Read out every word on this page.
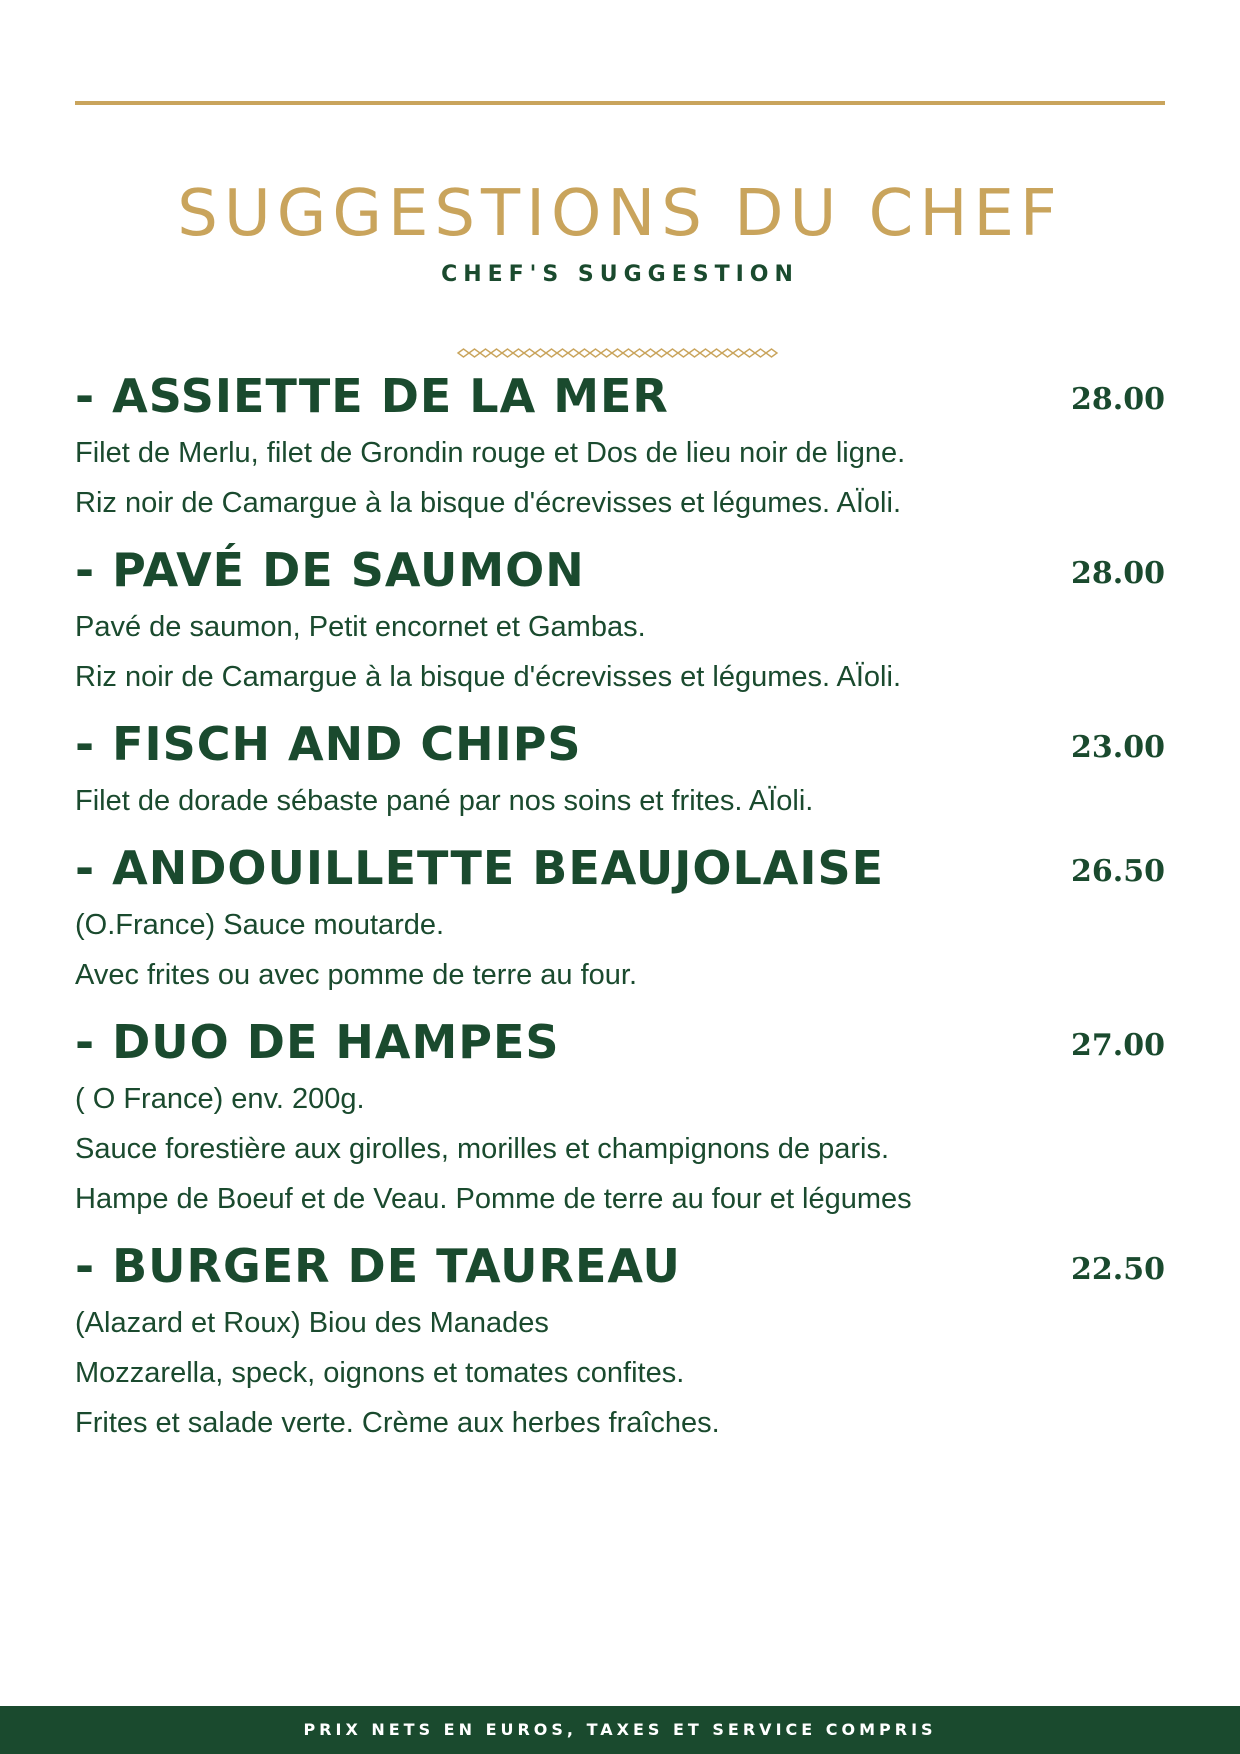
SUGGESTIONS DU CHEF
CHEF'S SUGGESTION
- ASSIETTE DE LA MER	28.00
Filet de Merlu, filet de Grondin rouge et Dos de lieu noir de ligne.
Riz noir de Camargue à la bisque d'écrevisses et légumes. AÏoli.
- PAVÉ DE SAUMON	28.00
Pavé de saumon, Petit encornet et Gambas.
Riz noir de Camargue à la bisque d'écrevisses et légumes. AÏoli.
- FISCH AND CHIPS	23.00
Filet de dorade sébaste pané par nos soins et frites. AÏoli.
- ANDOUILLETTE BEAUJOLAISE	26.50
(O.France) Sauce moutarde.
Avec frites ou avec pomme de terre au four.
- DUO DE HAMPES	27.00
( O France) env. 200g.
Sauce forestière aux girolles, morilles et champignons de paris.
Hampe de Boeuf et de Veau. Pomme de terre au four et légumes
- BURGER DE TAUREAU	22.50
(Alazard et Roux) Biou des Manades
Mozzarella, speck, oignons et tomates confites.
Frites et salade verte. Crème aux herbes fraîches.
PRIX NETS EN EUROS, TAXES ET SERVICE COMPRIS
